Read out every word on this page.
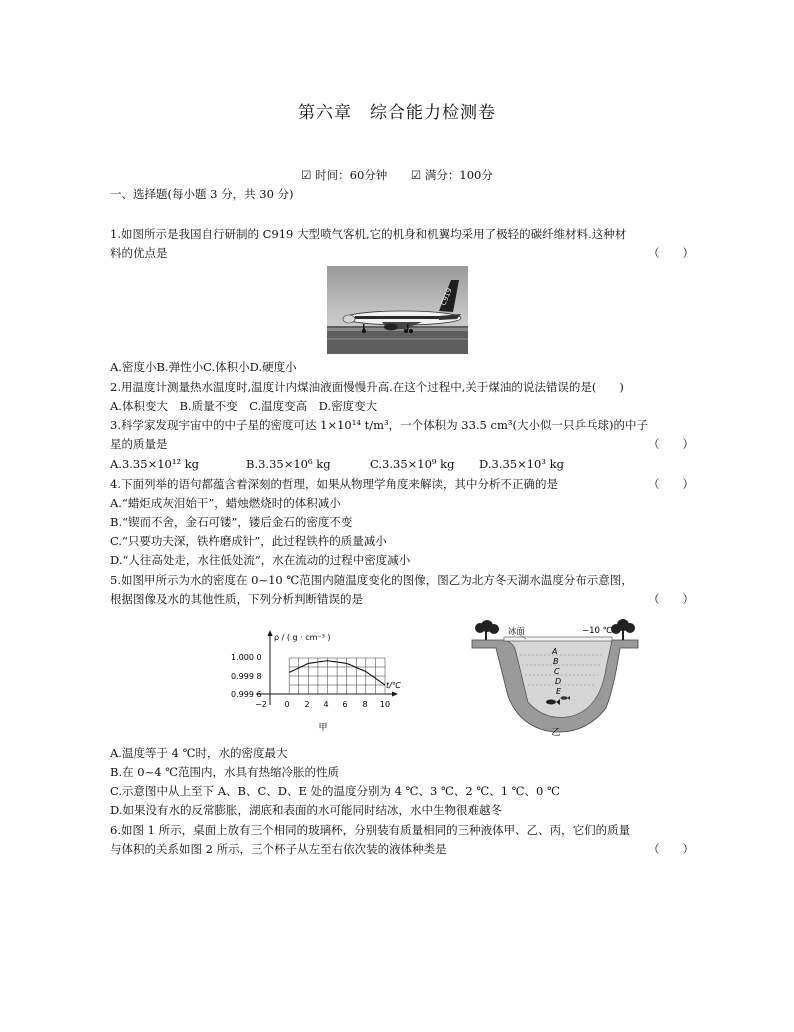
第六章　综合能力检测卷
☑ 时间：60分钟 ☑ 满分：100分
一、选择题(每小题 3 分，共 30 分)
1.如图所示是我国自行研制的 C919 大型喷气客机,它的机身和机翼均采用了极轻的碳纤维材料.这种材
料的优点是	（　　）
C919
A.密度小B.弹性小C.体积小D.硬度小
2.用温度计测量热水温度时,温度计内煤油液面慢慢升高.在这个过程中,关于煤油的说法错误的是(　　)
A.体积变大　B.质量不变　C.温度变高　D.密度变大
3.科学家发现宇宙中的中子星的密度可达 1×10¹⁴ t/m³，一个体积为 33.5 cm³(大小似一只乒乓球)的中子
星的质量是	（　　）
A.3.35×10¹² kg	B.3.35×10⁶ kg	C.3.35×10⁹ kg D.3.35×10³ kg
4.下面列举的语句都蕴含着深刻的哲理，如果从物理学角度来解读，其中分析不正确的是	（　　）
A.“蜡炬成灰泪始干”，蜡烛燃烧时的体积减小
B.“锲而不舍，金石可镂”，镂后金石的密度不变
C.“只要功夫深，铁杵磨成针”，此过程铁杵的质量减小
D.“人往高处走，水往低处流”，水在流动的过程中密度减小
5.如图甲所示为水的密度在 0~10 ℃范围内随温度变化的图像，图乙为北方冬天湖水温度分布示意图，
根据图像及水的其他性质，下列分析判断错误的是	（　　）
ρ / ( g · cm⁻³ )
t/℃
1.000 0
0.999 8
0.999 6
−2 0 2 4 6 8 10
甲
冰面	−10 ℃
A
B
C
D
E
乙
A.温度等于 4 ℃时，水的密度最大
B.在 0~4 ℃范围内，水具有热缩冷胀的性质
C.示意图中从上至下 A、B、C、D、E 处的温度分别为 4 ℃、3 ℃、2 ℃、1 ℃、0 ℃
D.如果没有水的反常膨胀，湖底和表面的水可能同时结冰，水中生物很难越冬
6.如图 1 所示，桌面上放有三个相同的玻璃杯，分别装有质量相同的三种液体甲、乙、丙，它们的质量
与体积的关系如图 2 所示，三个杯子从左至右依次装的液体种类是	（　　）
